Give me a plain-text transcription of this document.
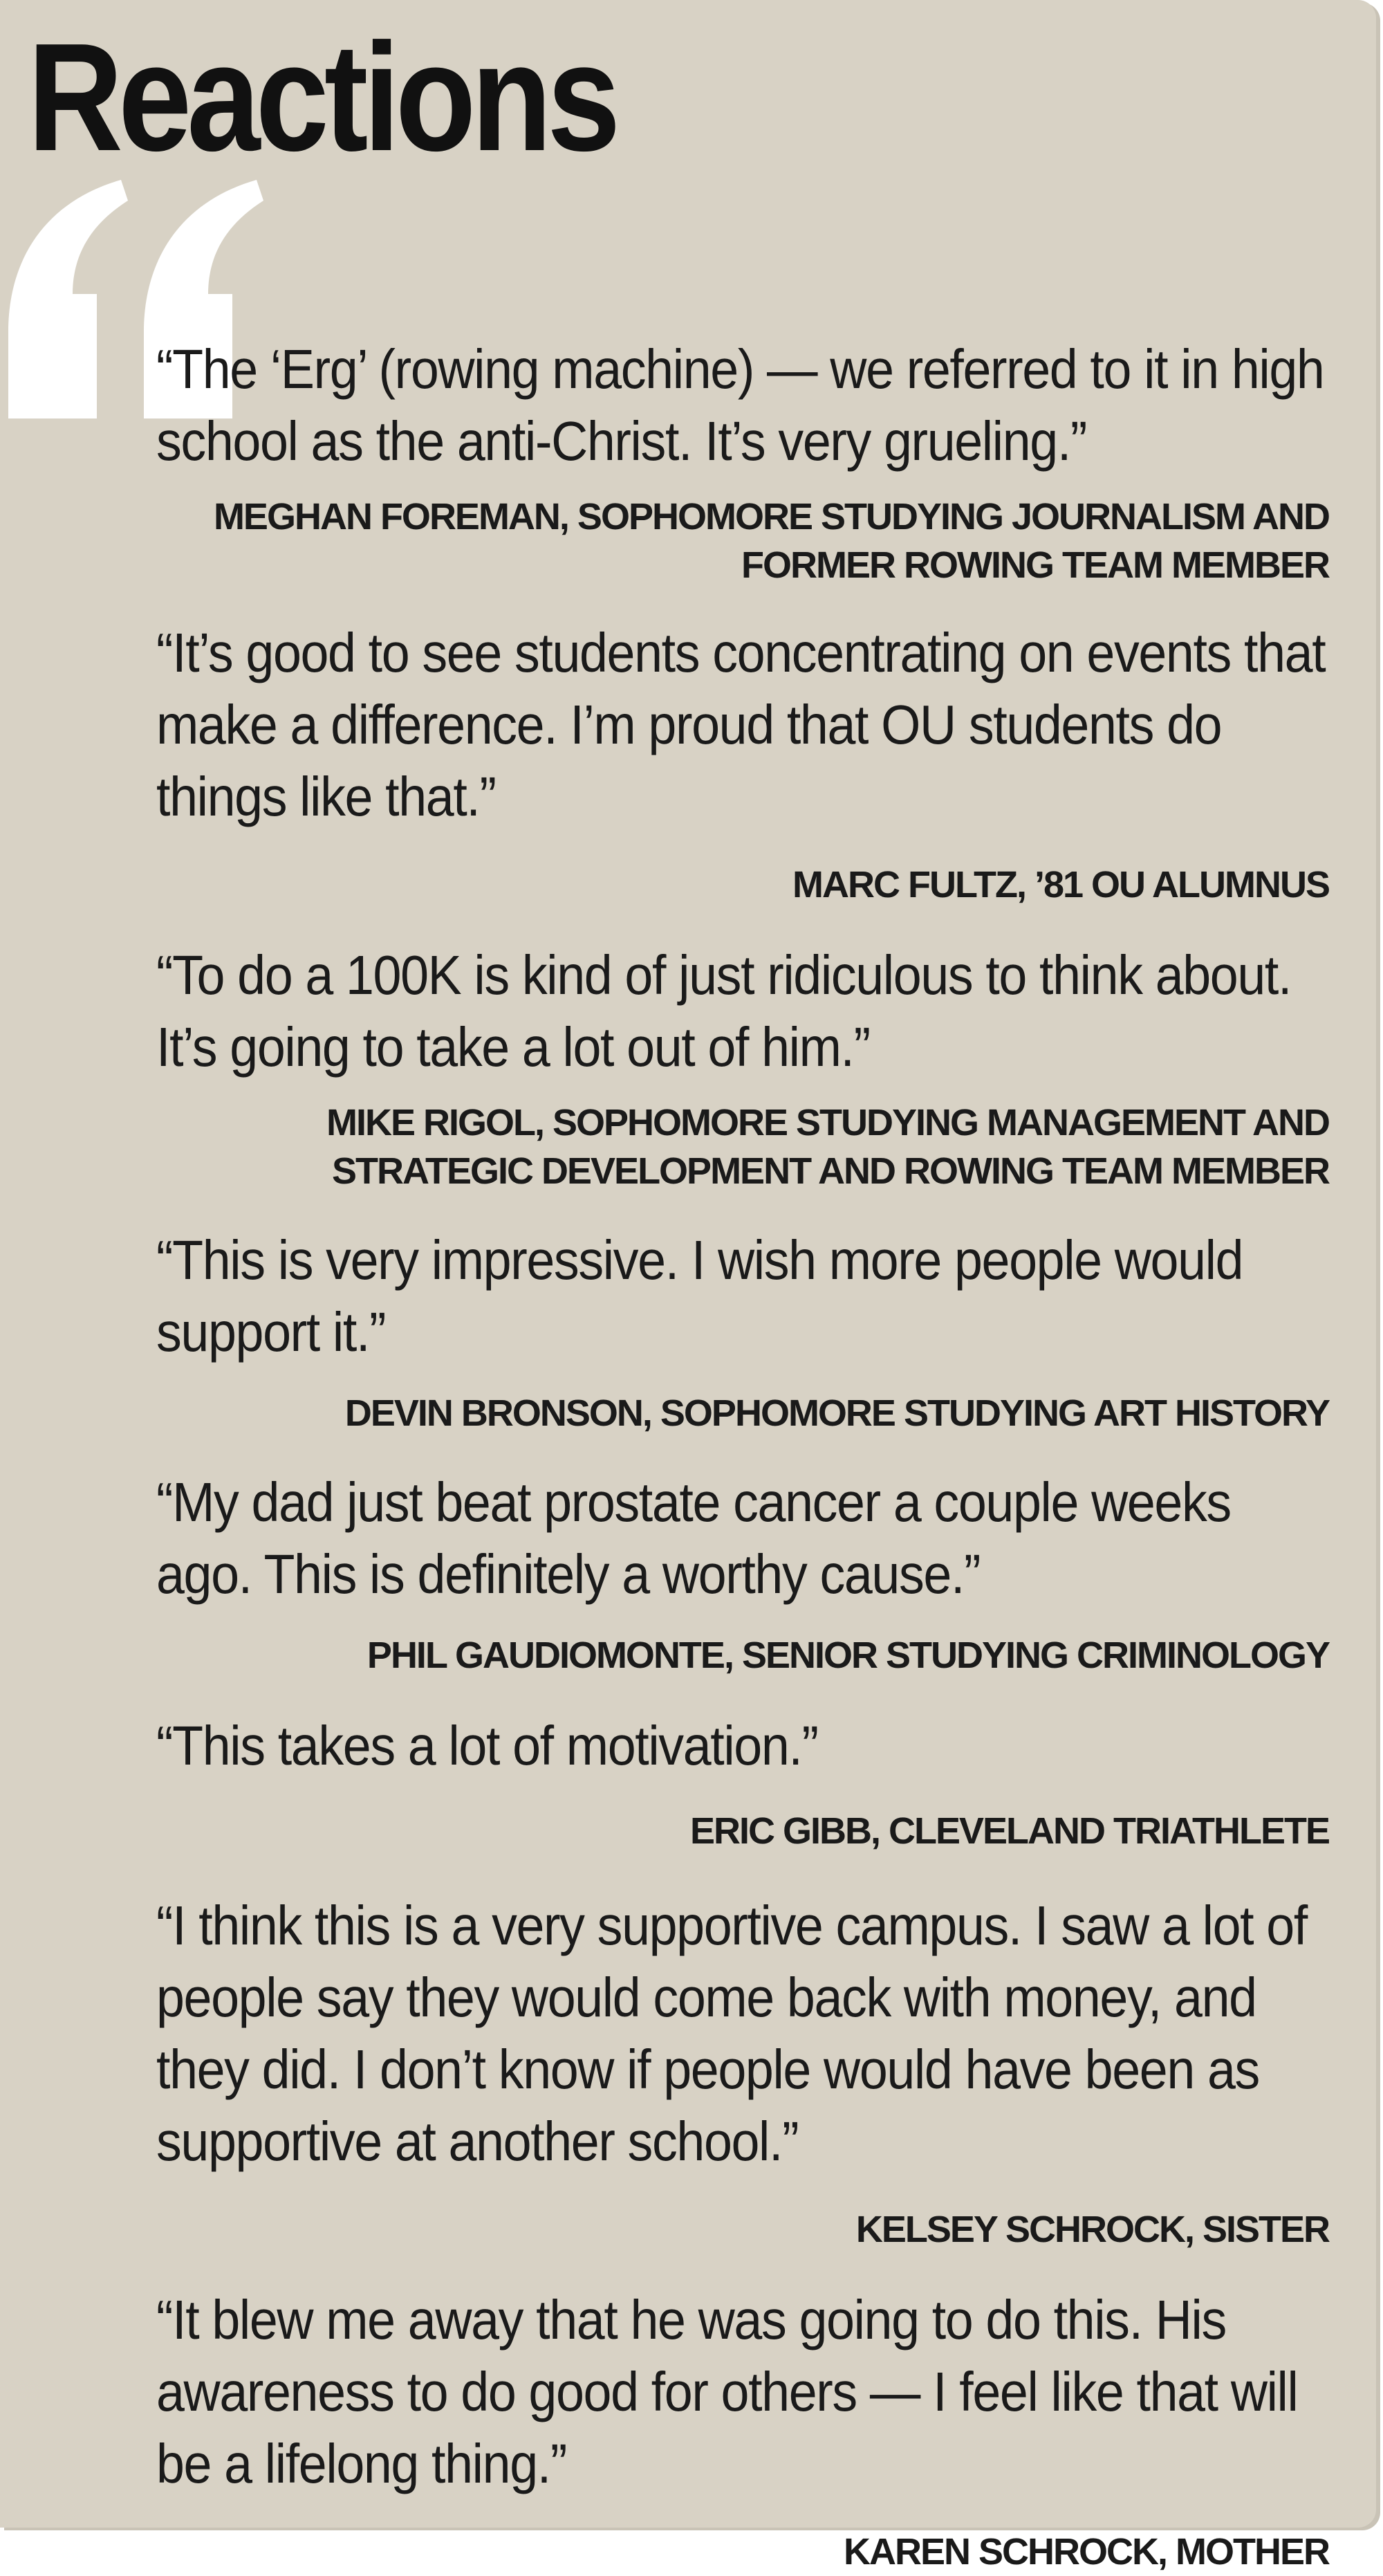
Reactions

“The ‘Erg’ (rowing machine) — we referred to it in high school as the anti-Christ. It’s very grueling.”

MEGHAN FOREMAN, SOPHOMORE STUDYING JOURNALISM AND FORMER ROWING TEAM MEMBER

“It’s good to see students concentrating on events that make a difference. I’m proud that OU students do things like that.”

MARC FULTZ, ’81 OU ALUMNUS

“To do a 100K is kind of just ridiculous to think about. It’s going to take a lot out of him.”

MIKE RIGOL, SOPHOMORE STUDYING MANAGEMENT AND STRATEGIC DEVELOPMENT AND ROWING TEAM MEMBER

“This is very impressive. I wish more people would support it.”

DEVIN BRONSON, SOPHOMORE STUDYING ART HISTORY

“My dad just beat prostate cancer a couple weeks ago. This is definitely a worthy cause.”

PHIL GAUDIOMONTE, SENIOR STUDYING CRIMINOLOGY

“This takes a lot of motivation.”

ERIC GIBB, CLEVELAND TRIATHLETE

“I think this is a very supportive campus. I saw a lot of people say they would come back with money, and they did. I don’t know if people would have been as supportive at another school.”

KELSEY SCHROCK, SISTER

“It blew me away that he was going to do this. His awareness to do good for others — I feel like that will be a lifelong thing.”

KAREN SCHROCK, MOTHER
